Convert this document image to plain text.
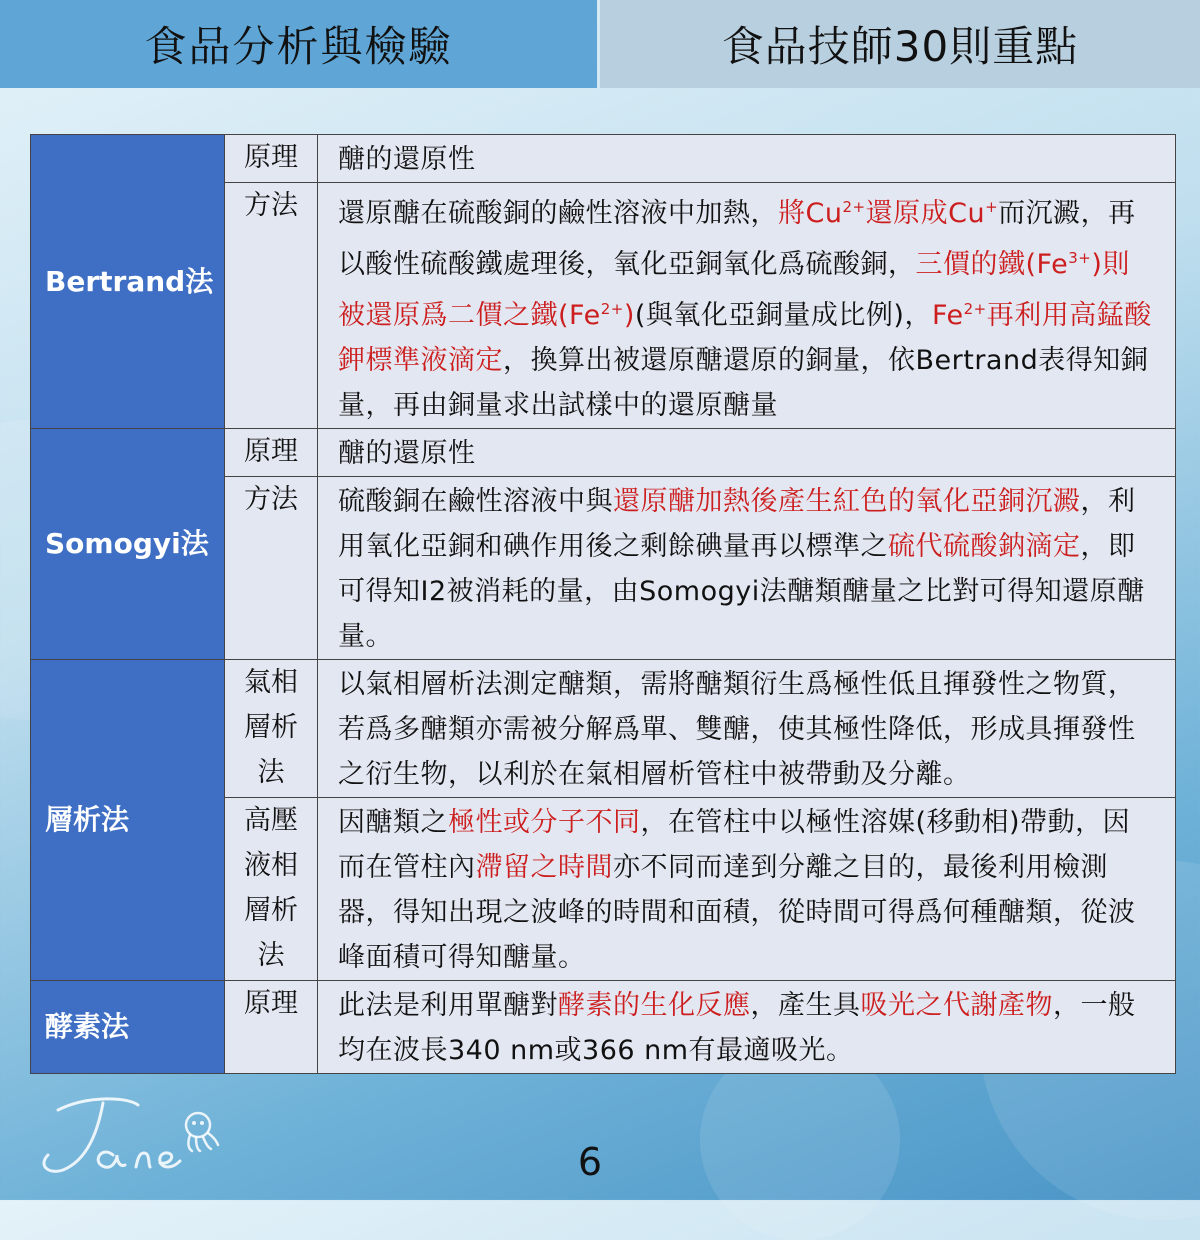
食品分析與檢驗	食品技師30則重點
Bertrand法	原理	醣的還原性
	方法	還原醣在硫酸銅的鹼性溶液中加熱，將$Cu^{2+}$還原成Cu+而沉澱，再以酸性硫酸鐵處理後，氧化亞銅氧化爲硫酸銅，三價的鐵$(Fe^{3+})$則被還原爲二價之鐵$(Fe^{2+})$(與氧化亞銅量成比例)，$Fe^{2+}$再利用高錳酸鉀標準液滴定，換算出被還原醣還原的銅量，依Bertrand表得知銅量，再由銅量求出試樣中的還原醣量
Somogyi法	原理	醣的還原性
	方法	硫酸銅在鹼性溶液中與還原醣加熱後產生紅色的氧化亞銅沉澱，利用氧化亞銅和碘作用後之剩餘碘量再以標準之硫代硫酸鈉滴定，即可得知I2被消耗的量，由Somogyi法醣類醣量之比對可得知還原醣量。
層析法	氣相層析法	以氣相層析法測定醣類，需將醣類衍生爲極性低且揮發性之物質，若爲多醣類亦需被分解爲單、雙醣，使其極性降低，形成具揮發性之衍生物，以利於在氣相層析管柱中被帶動及分離。
	高壓液相層析法	因醣類之極性或分子不同，在管柱中以極性溶媒(移動相)帶動，因而在管柱內滯留之時間亦不同而達到分離之目的，最後利用檢測器，得知出現之波峰的時間和面積，從時間可得爲何種醣類，從波峰面積可得知醣量。
酵素法	原理	此法是利用單醣對酵素的生化反應，產生具吸光之代謝產物，一般均在波長340 nm或366 nm有最適吸光。
6
